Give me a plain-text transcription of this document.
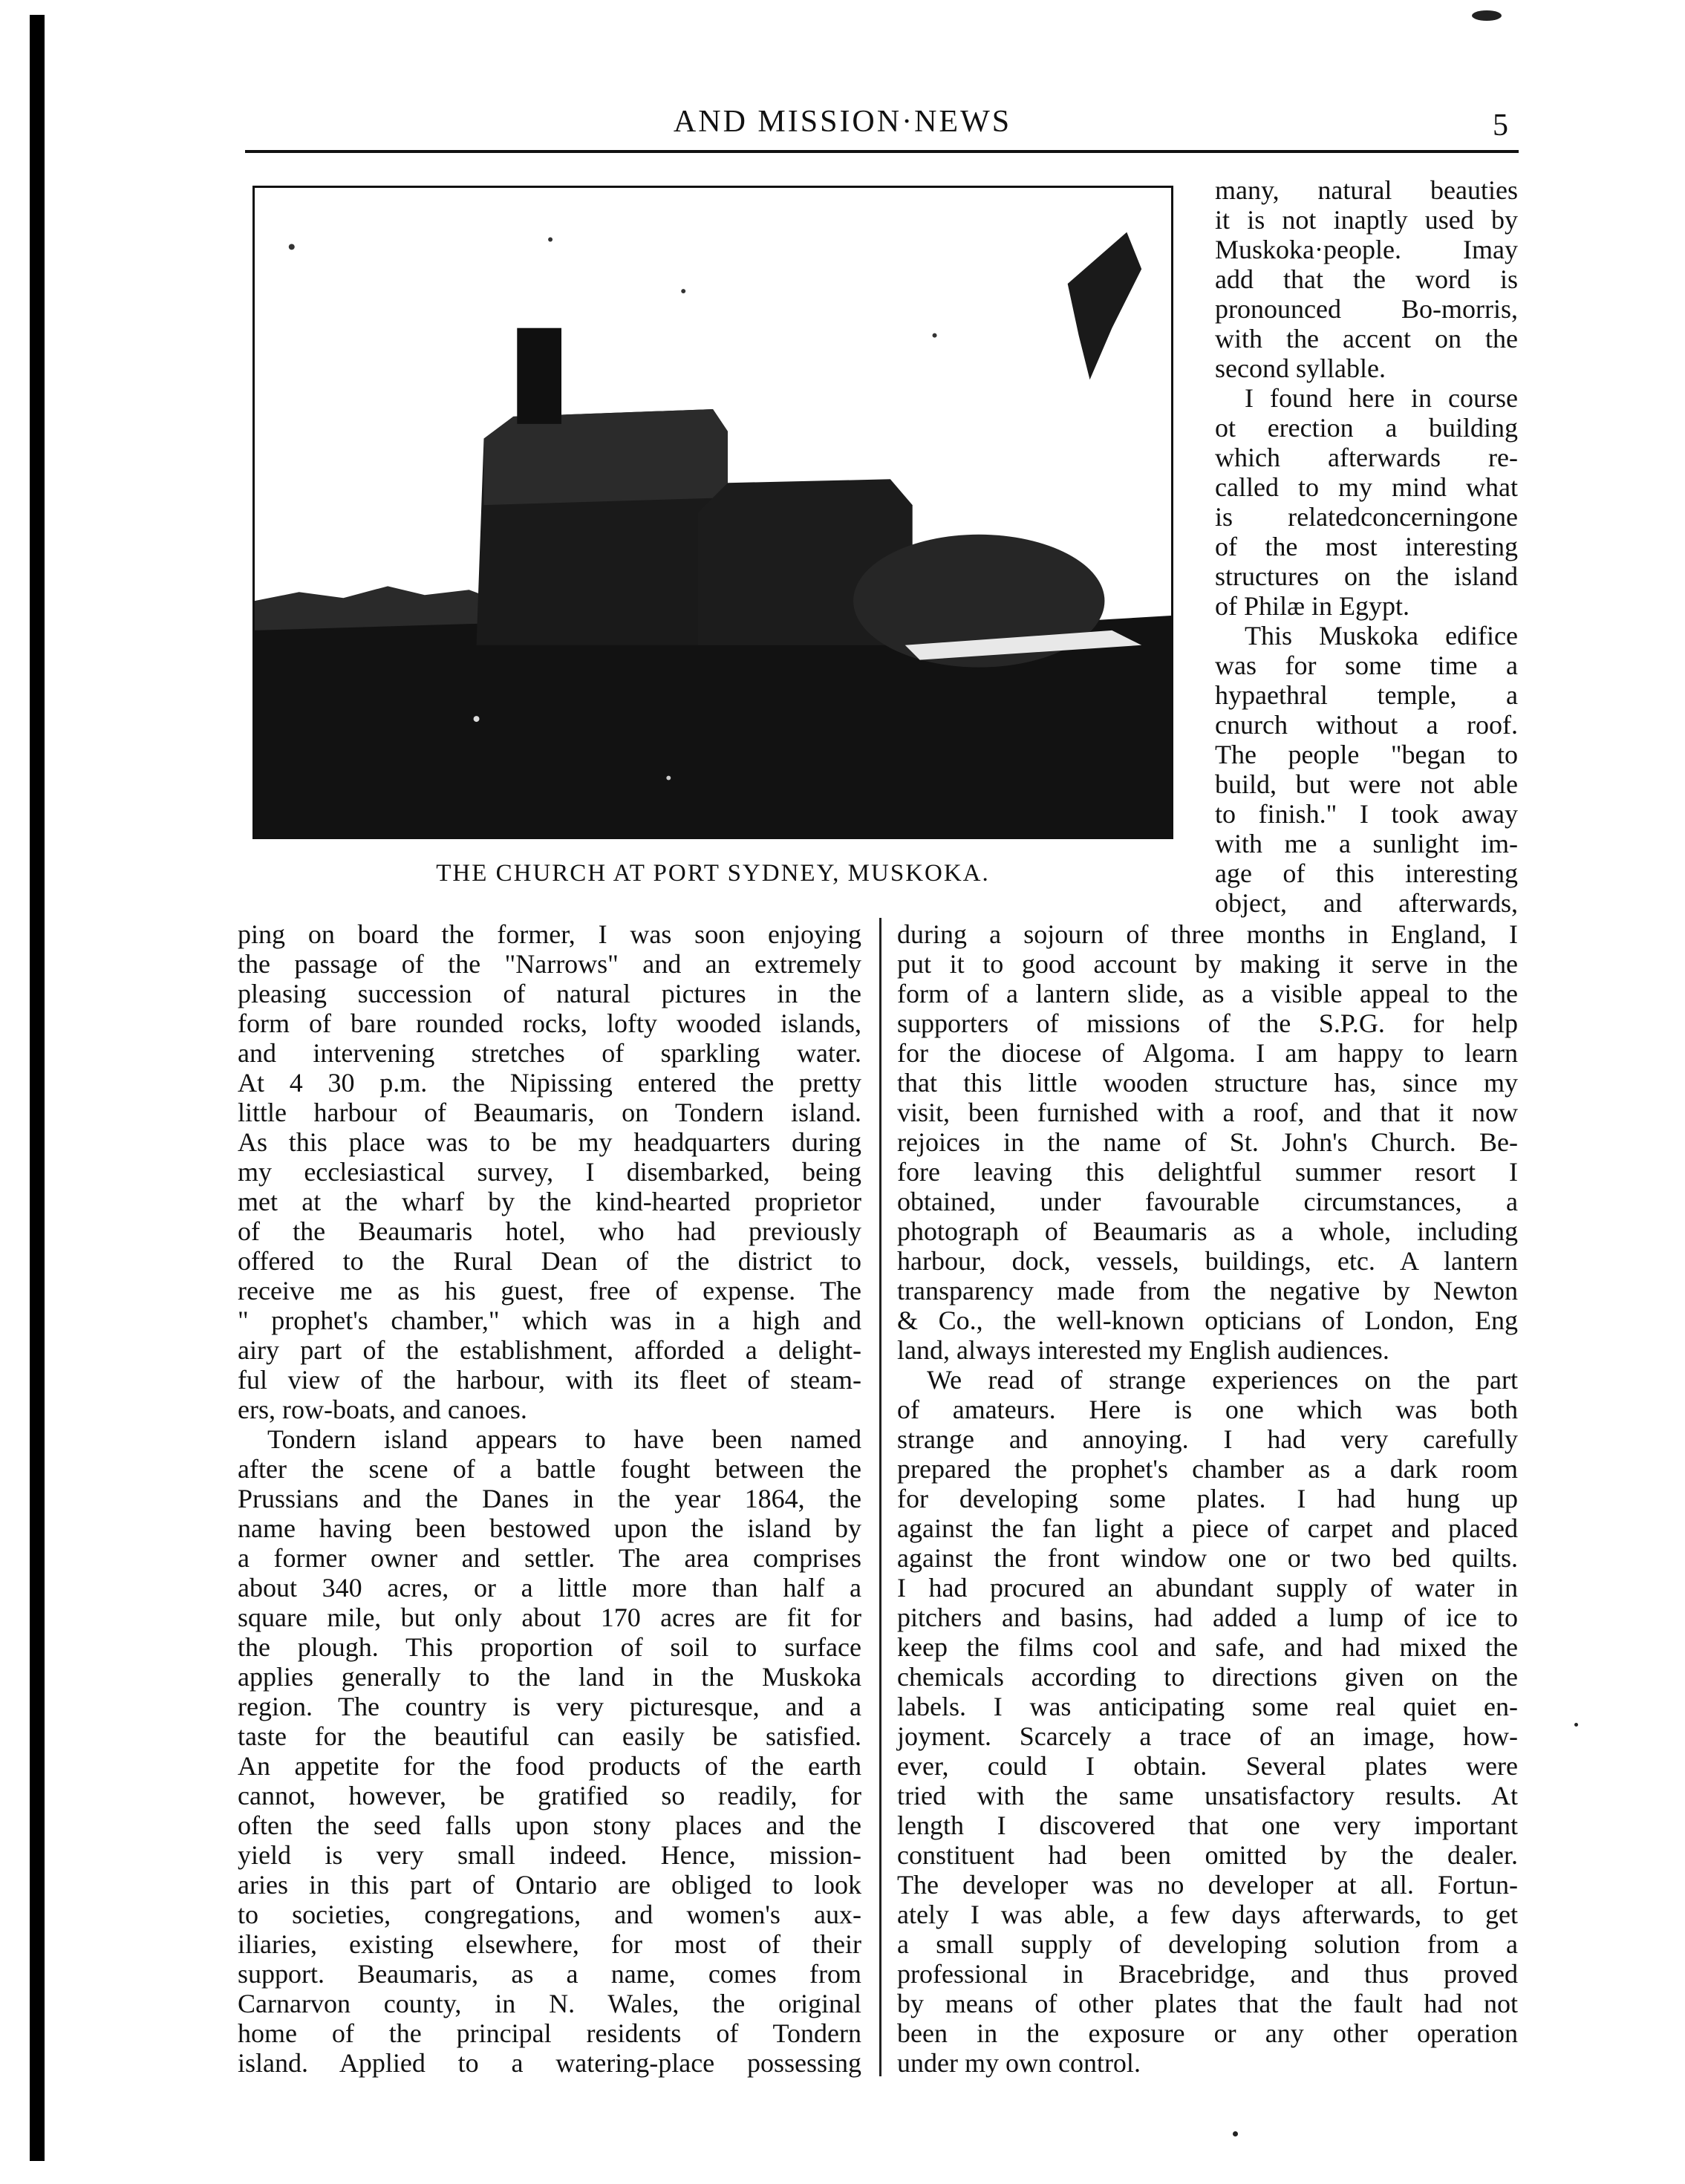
AND MISSION·NEWS	5
THE CHURCH AT PORT SYDNEY, MUSKOKA.
many, natural beauties
it is not inaptly used by
Muskoka·people. Imay
add that the word is
pronounced Bo-morris,
with the accent on the
second syllable.
I found here in course
ot erection a building
which afterwards re-
called to my mind what
is relatedconcerningone
of the most interesting
structures on the island
of Philæ in Egypt.
This Muskoka edifice
was for some time a
hypaethral temple, a
cnurch without a roof.
The people "began to
build, but were not able
to finish." I took away
with me a sunlight im-
age of this interesting
object, and afterwards,
ping on board the former, I was soon enjoying
the passage of the "Narrows" and an extremely
pleasing succession of natural pictures in the
form of bare rounded rocks, lofty wooded islands,
and intervening stretches of sparkling water.
At 4 30 p.m. the Nipissing entered the pretty
little harbour of Beaumaris, on Tondern island.
As this place was to be my headquarters during
my ecclesiastical survey, I disembarked, being
met at the wharf by the kind-hearted proprietor
of the Beaumaris hotel, who had previously
offered to the Rural Dean of the district to
receive me as his guest, free of expense. The
" prophet's chamber," which was in a high and
airy part of the establishment, afforded a delight-
ful view of the harbour, with its fleet of steam-
ers, row-boats, and canoes.
Tondern island appears to have been named
after the scene of a battle fought between the
Prussians and the Danes in the year 1864, the
name having been bestowed upon the island by
a former owner and settler. The area comprises
about 340 acres, or a little more than half a
square mile, but only about 170 acres are fit for
the plough. This proportion of soil to surface
applies generally to the land in the Muskoka
region. The country is very picturesque, and a
taste for the beautiful can easily be satisfied.
An appetite for the food products of the earth
cannot, however, be gratified so readily, for
often the seed falls upon stony places and the
yield is very small indeed. Hence, mission-
aries in this part of Ontario are obliged to look
to societies, congregations, and women's aux-
iliaries, existing elsewhere, for most of their
support. Beaumaris, as a name, comes from
Carnarvon county, in N. Wales, the original
home of the principal residents of Tondern
island. Applied to a watering-place possessing
during a sojourn of three months in England, I
put it to good account by making it serve in the
form of a lantern slide, as a visible appeal to the
supporters of missions of the S.P.G. for help
for the diocese of Algoma. I am happy to learn
that this little wooden structure has, since my
visit, been furnished with a roof, and that it now
rejoices in the name of St. John's Church. Be-
fore leaving this delightful summer resort I
obtained, under favourable circumstances, a
photograph of Beaumaris as a whole, including
harbour, dock, vessels, buildings, etc. A lantern
transparency made from the negative by Newton
& Co., the well-known opticians of London, Eng
land, always interested my English audiences.
We read of strange experiences on the part
of amateurs. Here is one which was both
strange and annoying. I had very carefully
prepared the prophet's chamber as a dark room
for developing some plates. I had hung up
against the fan light a piece of carpet and placed
against the front window one or two bed quilts.
I had procured an abundant supply of water in
pitchers and basins, had added a lump of ice to
keep the films cool and safe, and had mixed the
chemicals according to directions given on the
labels. I was anticipating some real quiet en-
joyment. Scarcely a trace of an image, how-
ever, could I obtain. Several plates were
tried with the same unsatisfactory results. At
length I discovered that one very important
constituent had been omitted by the dealer.
The developer was no developer at all. Fortun-
ately I was able, a few days afterwards, to get
a small supply of developing solution from a
professional in Bracebridge, and thus proved
by means of other plates that the fault had not
been in the exposure or any other operation
under my own control.
